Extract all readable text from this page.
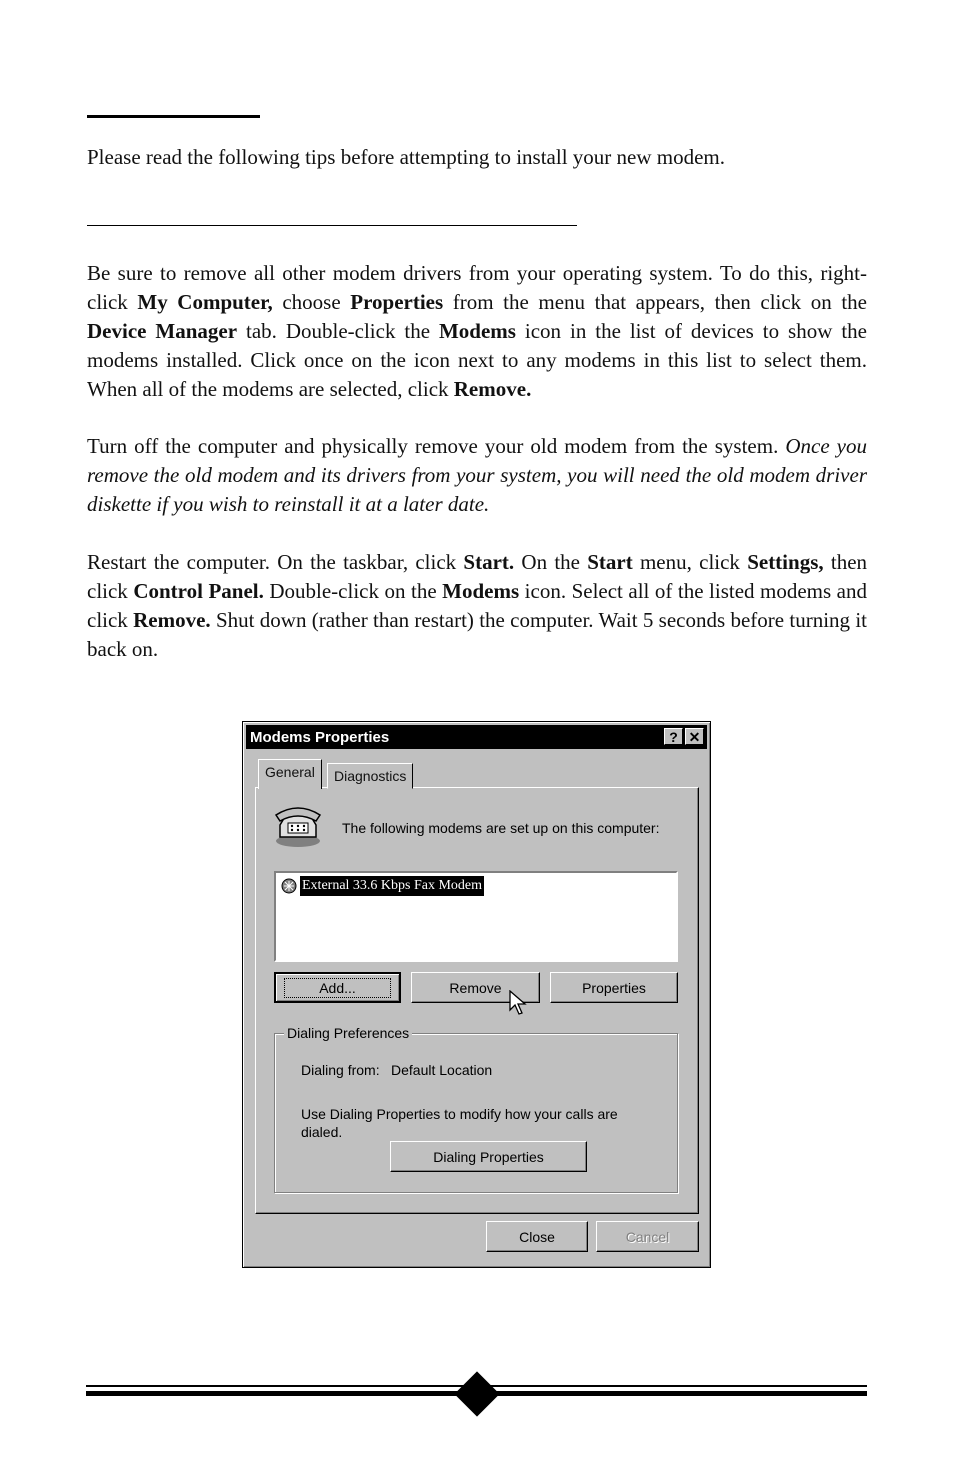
Please read the following tips before attempting to install your new modem.

Be sure to remove all other modem drivers from your operating system. To do this, right-click My Computer, choose Properties from the menu that appears, then click on the Device Manager tab. Double-click the Modems icon in the list of devices to show the modems installed. Click once on the icon next to any modems in this list to select them. When all of the modems are selected, click Remove.

Turn off the computer and physically remove your old modem from the system. Once you remove the old modem and its drivers from your system, you will need the old modem driver diskette if you wish to reinstall it at a later date.

Restart the computer. On the taskbar, click Start. On the Start menu, click Settings, then click Control Panel. Double-click on the Modems icon. Select all of the listed modems and click Remove. Shut down (rather than restart) the computer. Wait 5 seconds before turning it back on.

Modems Properties	? ✕
General	Diagnostics
The following modems are set up on this computer:
External 33.6 Kbps Fax Modem
Add...	Remove	Properties
Dialing Preferences
Dialing from: Default Location
Use Dialing Properties to modify how your calls are dialed.
Dialing Properties
Close	Cancel
